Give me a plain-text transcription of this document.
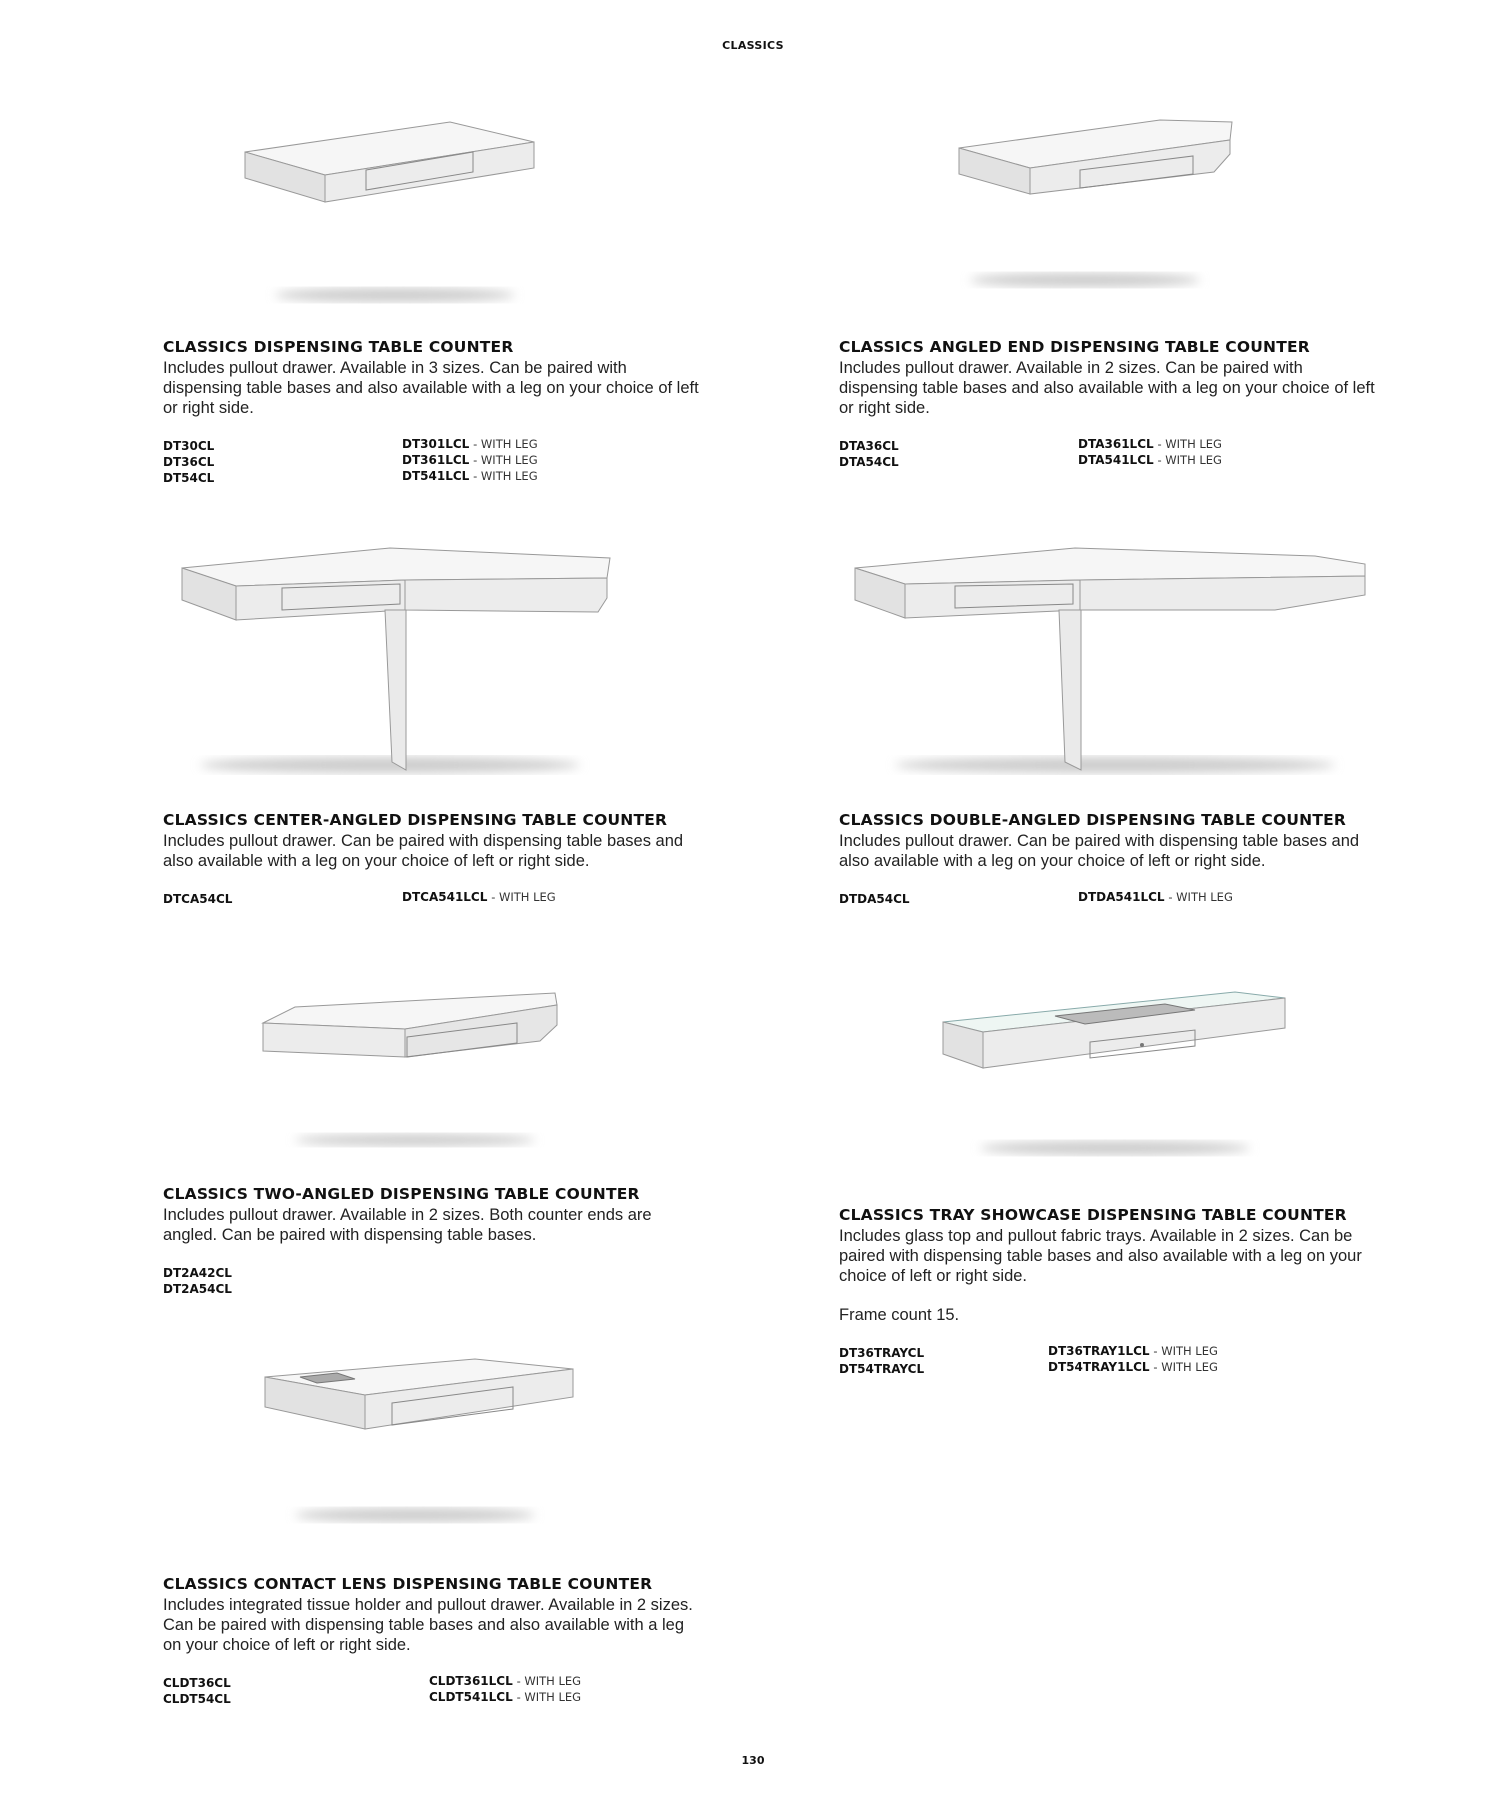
CLASSICS
CLASSICS DISPENSING TABLE COUNTER
Includes pullout drawer. Available in 3 sizes. Can be paired with dispensing table bases and also available with a leg on your choice of left or right side.
DT30CL
DT36CL
DT54CL
DT301LCL - WITH LEG
DT361LCL - WITH LEG
DT541LCL - WITH LEG
CLASSICS ANGLED END DISPENSING TABLE COUNTER
Includes pullout drawer. Available in 2 sizes. Can be paired with dispensing table bases and also available with a leg on your choice of left or right side.
DTA36CL
DTA54CL
DTA361LCL - WITH LEG
DTA541LCL - WITH LEG
CLASSICS CENTER-ANGLED DISPENSING TABLE COUNTER
Includes pullout drawer. Can be paired with dispensing table bases and also available with a leg on your choice of left or right side.
DTCA54CL	DTCA541LCL - WITH LEG
CLASSICS DOUBLE-ANGLED DISPENSING TABLE COUNTER
Includes pullout drawer. Can be paired with dispensing table bases and also available with a leg on your choice of left or right side.
DTDA54CL	DTDA541LCL - WITH LEG
CLASSICS TWO-ANGLED DISPENSING TABLE COUNTER
Includes pullout drawer. Available in 2 sizes. Both counter ends are angled. Can be paired with dispensing table bases.
DT2A42CL
DT2A54CL
CLASSICS TRAY SHOWCASE DISPENSING TABLE COUNTER
Includes glass top and pullout fabric trays. Available in 2 sizes. Can be paired with dispensing table bases and also available with a leg on your choice of left or right side.
Frame count 15.
DT36TRAYCL
DT54TRAYCL
DT36TRAY1LCL - WITH LEG
DT54TRAY1LCL - WITH LEG
CLASSICS CONTACT LENS DISPENSING TABLE COUNTER
Includes integrated tissue holder and pullout drawer. Available in 2 sizes. Can be paired with dispensing table bases and also available with a leg on your choice of left or right side.
CLDT36CL
CLDT54CL
CLDT361LCL - WITH LEG
CLDT541LCL - WITH LEG
130
